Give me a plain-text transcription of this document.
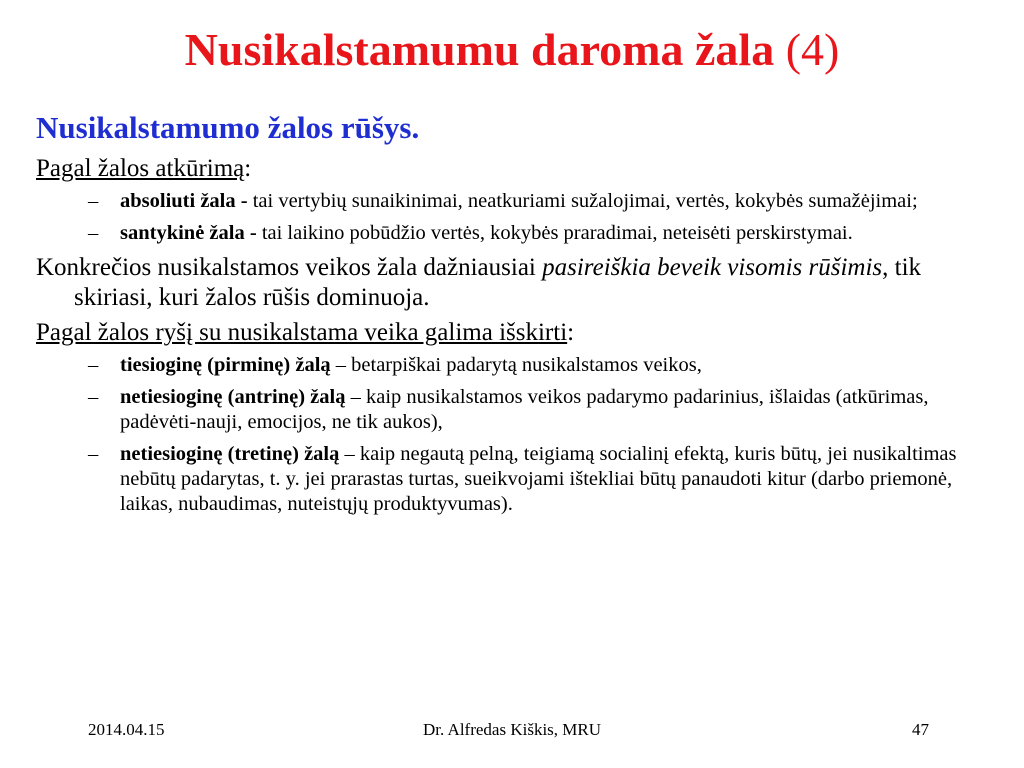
Nusikalstamumu daroma žala (4)
Nusikalstamumo žalos rūšys.
Pagal žalos atkūrimą:
– absoliuti žala - tai vertybių sunaikinimai, neatkuriami sužalojimai, vertės, kokybės sumažėjimai;
– santykinė žala - tai laikino pobūdžio vertės, kokybės praradimai, neteisėti perskirstymai.
Konkrečios nusikalstamos veikos žala dažniausiai pasireiškia beveik visomis rūšimis, tik skiriasi, kuri žalos rūšis dominuoja.
Pagal žalos ryšį su nusikalstama veika galima išskirti:
– tiesioginę (pirminę) žalą – betarpiškai padarytą nusikalstamos veikos,
– netiesioginę (antrinę) žalą – kaip nusikalstamos veikos padarymo padarinius, išlaidas (atkūrimas, padėvėti-nauji, emocijos, ne tik aukos),
– netiesioginę (tretinę) žalą – kaip negautą pelną, teigiamą socialinį efektą, kuris būtų, jei nusikaltimas nebūtų padarytas, t. y. jei prarastas turtas, sueikvojami ištekliai būtų panaudoti kitur (darbo priemonė, laikas, nubaudimas, nuteistųjų produktyvumas).
2014.04.15	Dr. Alfredas Kiškis, MRU	47
